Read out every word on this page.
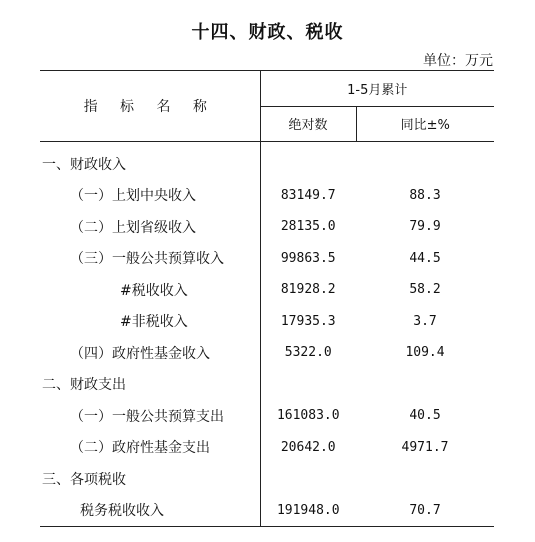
十四、财政、税收
单位：万元
指 标 名 称	1-5月累计	
	绝对数	同比±%
一、财政收入		
（一）上划中央收入	83149.7	88.3
（二）上划省级收入	28135.0	79.9
（三）一般公共预算收入	99863.5	44.5
#税收收入	81928.2	58.2
#非税收入	17935.3	3.7
（四）政府性基金收入	5322.0	109.4
二、财政支出		
（一）一般公共预算支出	161083.0	40.5
（二）政府性基金支出	20642.0	4971.7
三、各项税收		
税务税收收入	191948.0	70.7
